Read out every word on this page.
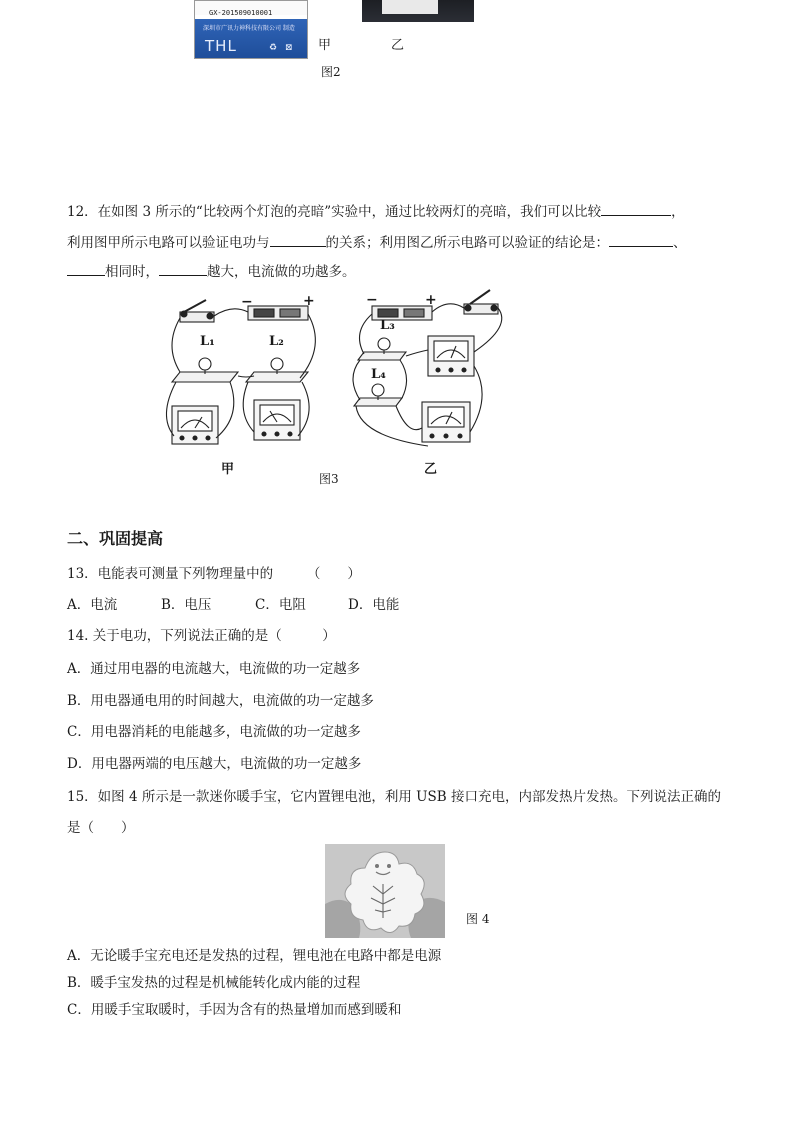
GX-201509010001
深圳市广讯力神科技有限公司 制造
THL	♻ ⊠ 甲	乙
图2
12．在如图 3 所示的“比较两个灯泡的亮暗”实验中，通过比较两灯的亮暗，我们可以比较	，
利用图甲所示电路可以验证电功与	的关系；利用图乙所示电路可以验证的结论是：	、
相同时，	越大，电流做的功越多。
−	+
L₁	L₂
甲
−	+
L₃
L₄
乙
图3
二、巩固提高
13．电能表可测量下列物理量中的　　　（　　）
A．电流	B．电压	C．电阻	D．电能
14. 关于电功，下列说法正确的是（　　　）
A．通过用电器的电流越大，电流做的功一定越多
B．用电器通电用的时间越大，电流做的功一定越多
C．用电器消耗的电能越多，电流做的功一定越多
D．用电器两端的电压越大，电流做的功一定越多
15．如图 4 所示是一款迷你暖手宝，它内置锂电池，利用 USB 接口充电，内部发热片发热。下列说法正确的
是（　　）
图 4
A．无论暖手宝充电还是发热的过程，锂电池在电路中都是电源
B．暖手宝发热的过程是机械能转化成内能的过程
C．用暖手宝取暖时，手因为含有的热量增加而感到暖和
